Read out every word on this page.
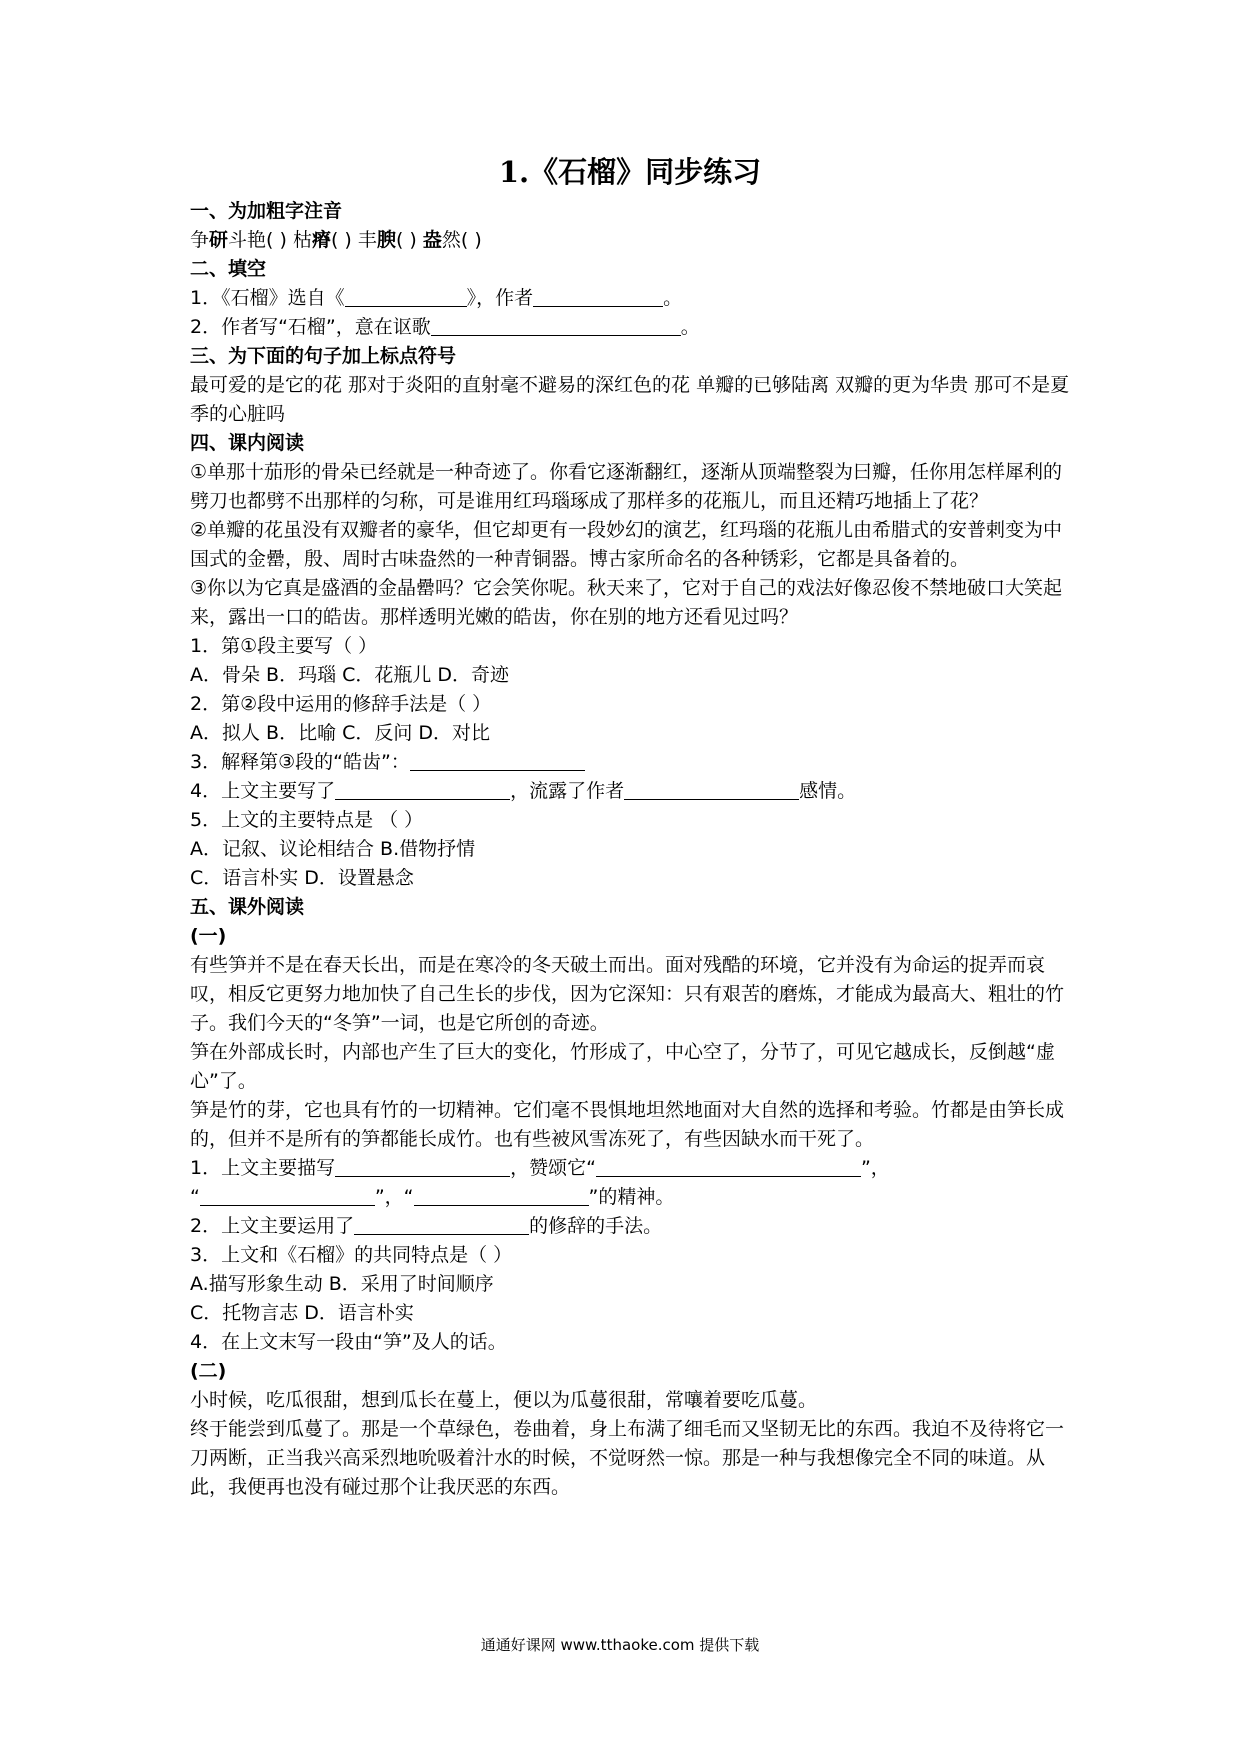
1.《石榴》同步练习
一、为加粗字注音
争研斗艳( ) 枯瘠( ) 丰腴( ) 盎然( )
二、填空
1．《石榴》选自《	》，作者	。
2．作者写“石榴”，意在讴歌	。
三、为下面的句子加上标点符号
最可爱的是它的花 那对于炎阳的直射毫不避易的深红色的花 单瓣的已够陆离 双瓣的更为华贵 那可不是夏季的心脏吗
四、课内阅读
①单那十茄形的骨朵已经就是一种奇迹了。你看它逐渐翻红，逐渐从顶端整裂为曰瓣，任你用怎样犀利的劈刀也都劈不出那样的匀称，可是谁用红玛瑙琢成了那样多的花瓶儿，而且还精巧地插上了花？
②单瓣的花虽没有双瓣者的豪华，但它却更有一段妙幻的演艺，红玛瑙的花瓶儿由希腊式的安普剌变为中国式的金罍，殷、周时古味盎然的一种青铜器。博古家所命名的各种锈彩，它都是具备着的。
③你以为它真是盛酒的金晶罍吗？它会笑你呢。秋天来了，它对于自己的戏法好像忍俊不禁地破口大笑起来，露出一口的皓齿。那样透明光嫩的皓齿，你在别的地方还看见过吗？
1．第①段主要写（ ）
A．骨朵 B．玛瑙 C．花瓶儿 D．奇迹
2．第②段中运用的修辞手法是（ ）
A．拟人 B．比喻 C．反问 D．对比
3．解释第③段的“皓齿”：
4．上文主要写了	，流露了作者	感情。
5．上文的主要特点是 （ ）
A．记叙、议论相结合 B.借物抒情
C．语言朴实 D．设置悬念
五、课外阅读
(一)
有些笋并不是在春天长出，而是在寒冷的冬天破土而出。面对残酷的环境，它并没有为命运的捉弄而哀叹，相反它更努力地加快了自己生长的步伐，因为它深知：只有艰苦的磨炼，才能成为最高大、粗壮的竹子。我们今天的“冬笋”一词，也是它所创的奇迹。
笋在外部成长时，内部也产生了巨大的变化，竹形成了，中心空了，分节了，可见它越成长，反倒越“虚心”了。
笋是竹的芽，它也具有竹的一切精神。它们毫不畏惧地坦然地面对大自然的选择和考验。竹都是由笋长成的，但并不是所有的笋都能长成竹。也有些被风雪冻死了，有些因缺水而干死了。
1．上文主要描写	，赞颂它“	”，
“	”，“	”的精神。
2．上文主要运用了	的修辞的手法。
3．上文和《石榴》的共同特点是（ ）
A.描写形象生动 B．采用了时间顺序
C．托物言志 D．语言朴实
4．在上文末写一段由“笋”及人的话。
(二)
小时候，吃瓜很甜，想到瓜长在蔓上，便以为瓜蔓很甜，常嚷着要吃瓜蔓。
终于能尝到瓜蔓了。那是一个草绿色，卷曲着，身上布满了细毛而又坚韧无比的东西。我迫不及待将它一刀两断，正当我兴高采烈地吮吸着汁水的时候，不觉呀然一惊。那是一种与我想像完全不同的味道。从此，我便再也没有碰过那个让我厌恶的东西。
通通好课网 www.tthaoke.com 提供下载
